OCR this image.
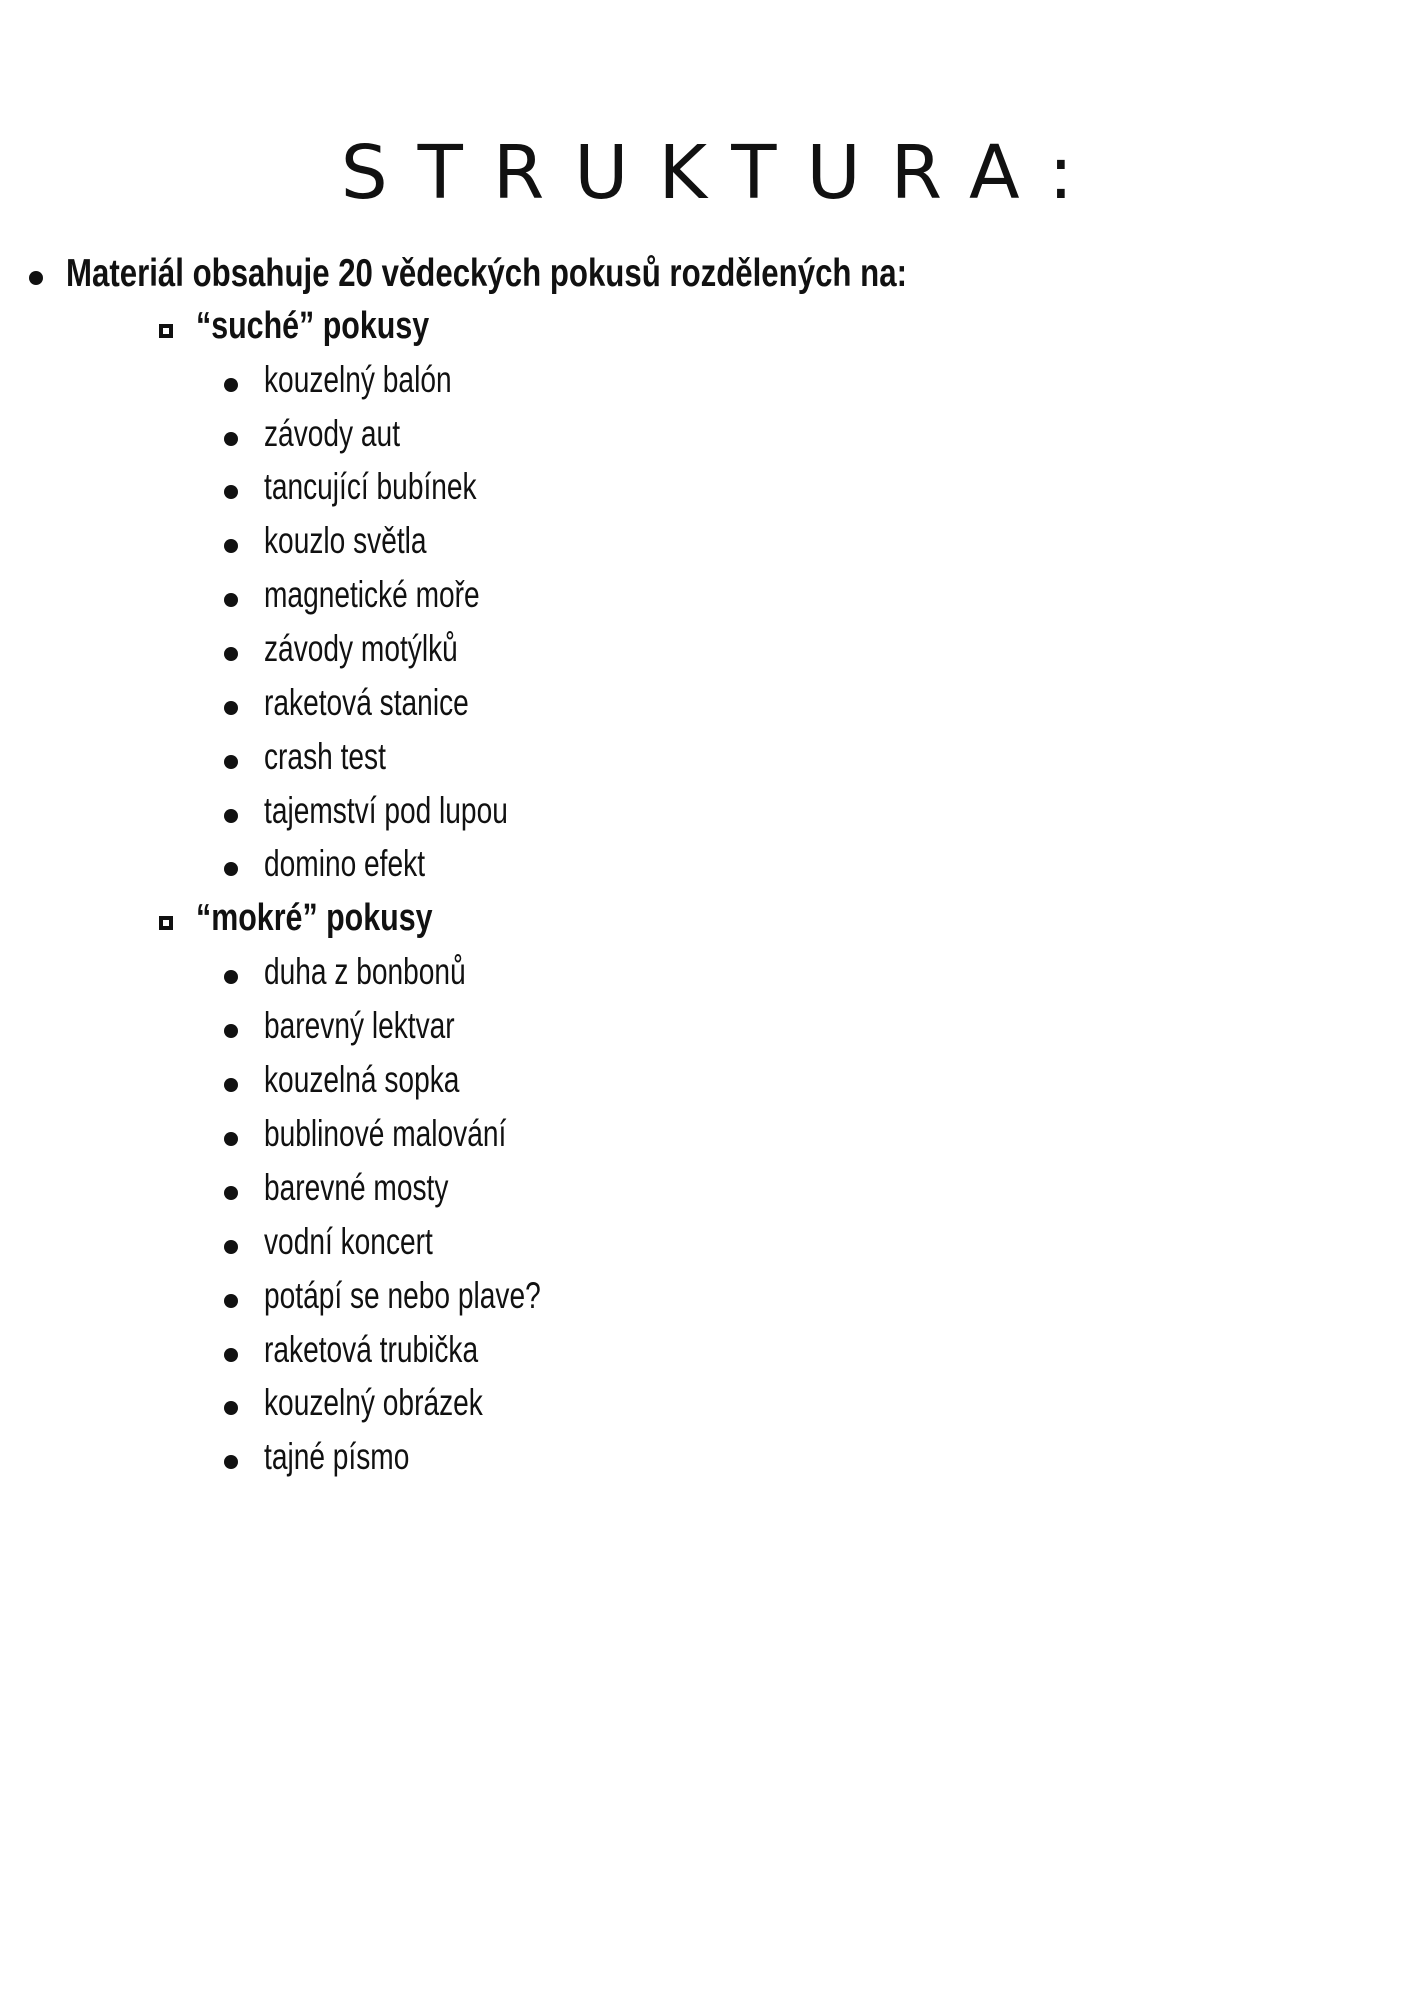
STRUKTURA:
Materiál obsahuje 20 vědeckých pokusů rozdělených na:
“suché” pokusy
kouzelný balón
závody aut
tancující bubínek
kouzlo světla
magnetické moře
závody motýlků
raketová stanice
crash test
tajemství pod lupou
domino efekt
“mokré” pokusy
duha z bonbonů
barevný lektvar
kouzelná sopka
bublinové malování
barevné mosty
vodní koncert
potápí se nebo plave?
raketová trubička
kouzelný obrázek
tajné písmo
